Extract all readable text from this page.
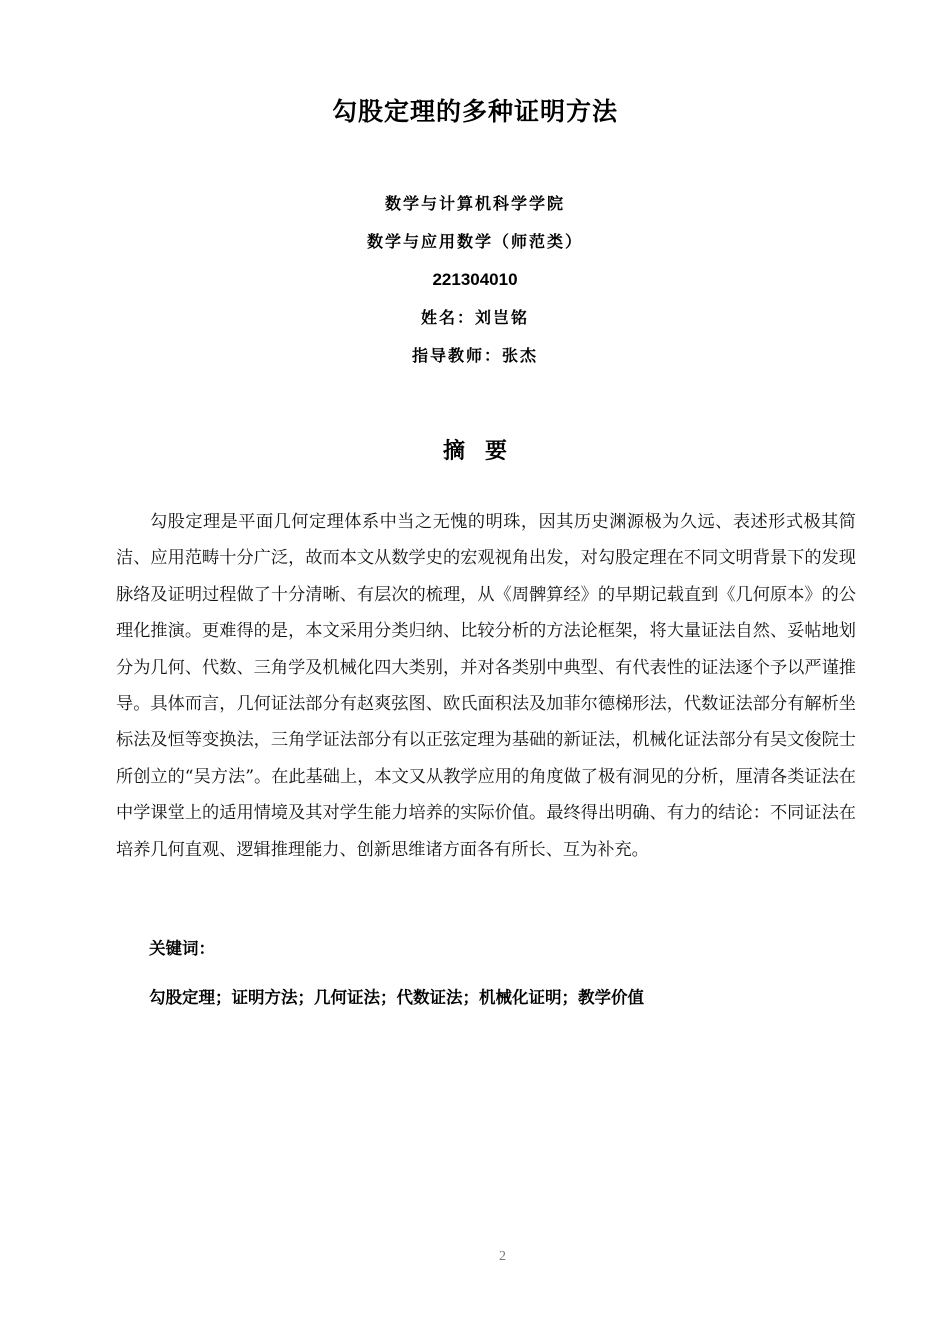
勾股定理的多种证明方法
数学与计算机科学学院
数学与应用数学（师范类）
221304010
姓名：刘岂铭
指导教师：张杰
摘 要
勾股定理是平面几何定理体系中当之无愧的明珠，因其历史渊源极为久远、表述形式极其简洁、应用范畴十分广泛，故而本文从数学史的宏观视角出发，对勾股定理在不同文明背景下的发现脉络及证明过程做了十分清晰、有层次的梳理，从《周髀算经》的早期记载直到《几何原本》的公理化推演。更难得的是，本文采用分类归纳、比较分析的方法论框架，将大量证法自然、妥帖地划分为几何、代数、三角学及机械化四大类别，并对各类别中典型、有代表性的证法逐个予以严谨推导。具体而言，几何证法部分有赵爽弦图、欧氏面积法及加菲尔德梯形法，代数证法部分有解析坐标法及恒等变换法，三角学证法部分有以正弦定理为基础的新证法，机械化证法部分有吴文俊院士所创立的“吴方法”。在此基础上，本文又从教学应用的角度做了极有洞见的分析，厘清各类证法在中学课堂上的适用情境及其对学生能力培养的实际价值。最终得出明确、有力的结论：不同证法在培养几何直观、逻辑推理能力、创新思维诸方面各有所长、互为补充。
关键词：
勾股定理；证明方法；几何证法；代数证法；机械化证明；教学价值
2
